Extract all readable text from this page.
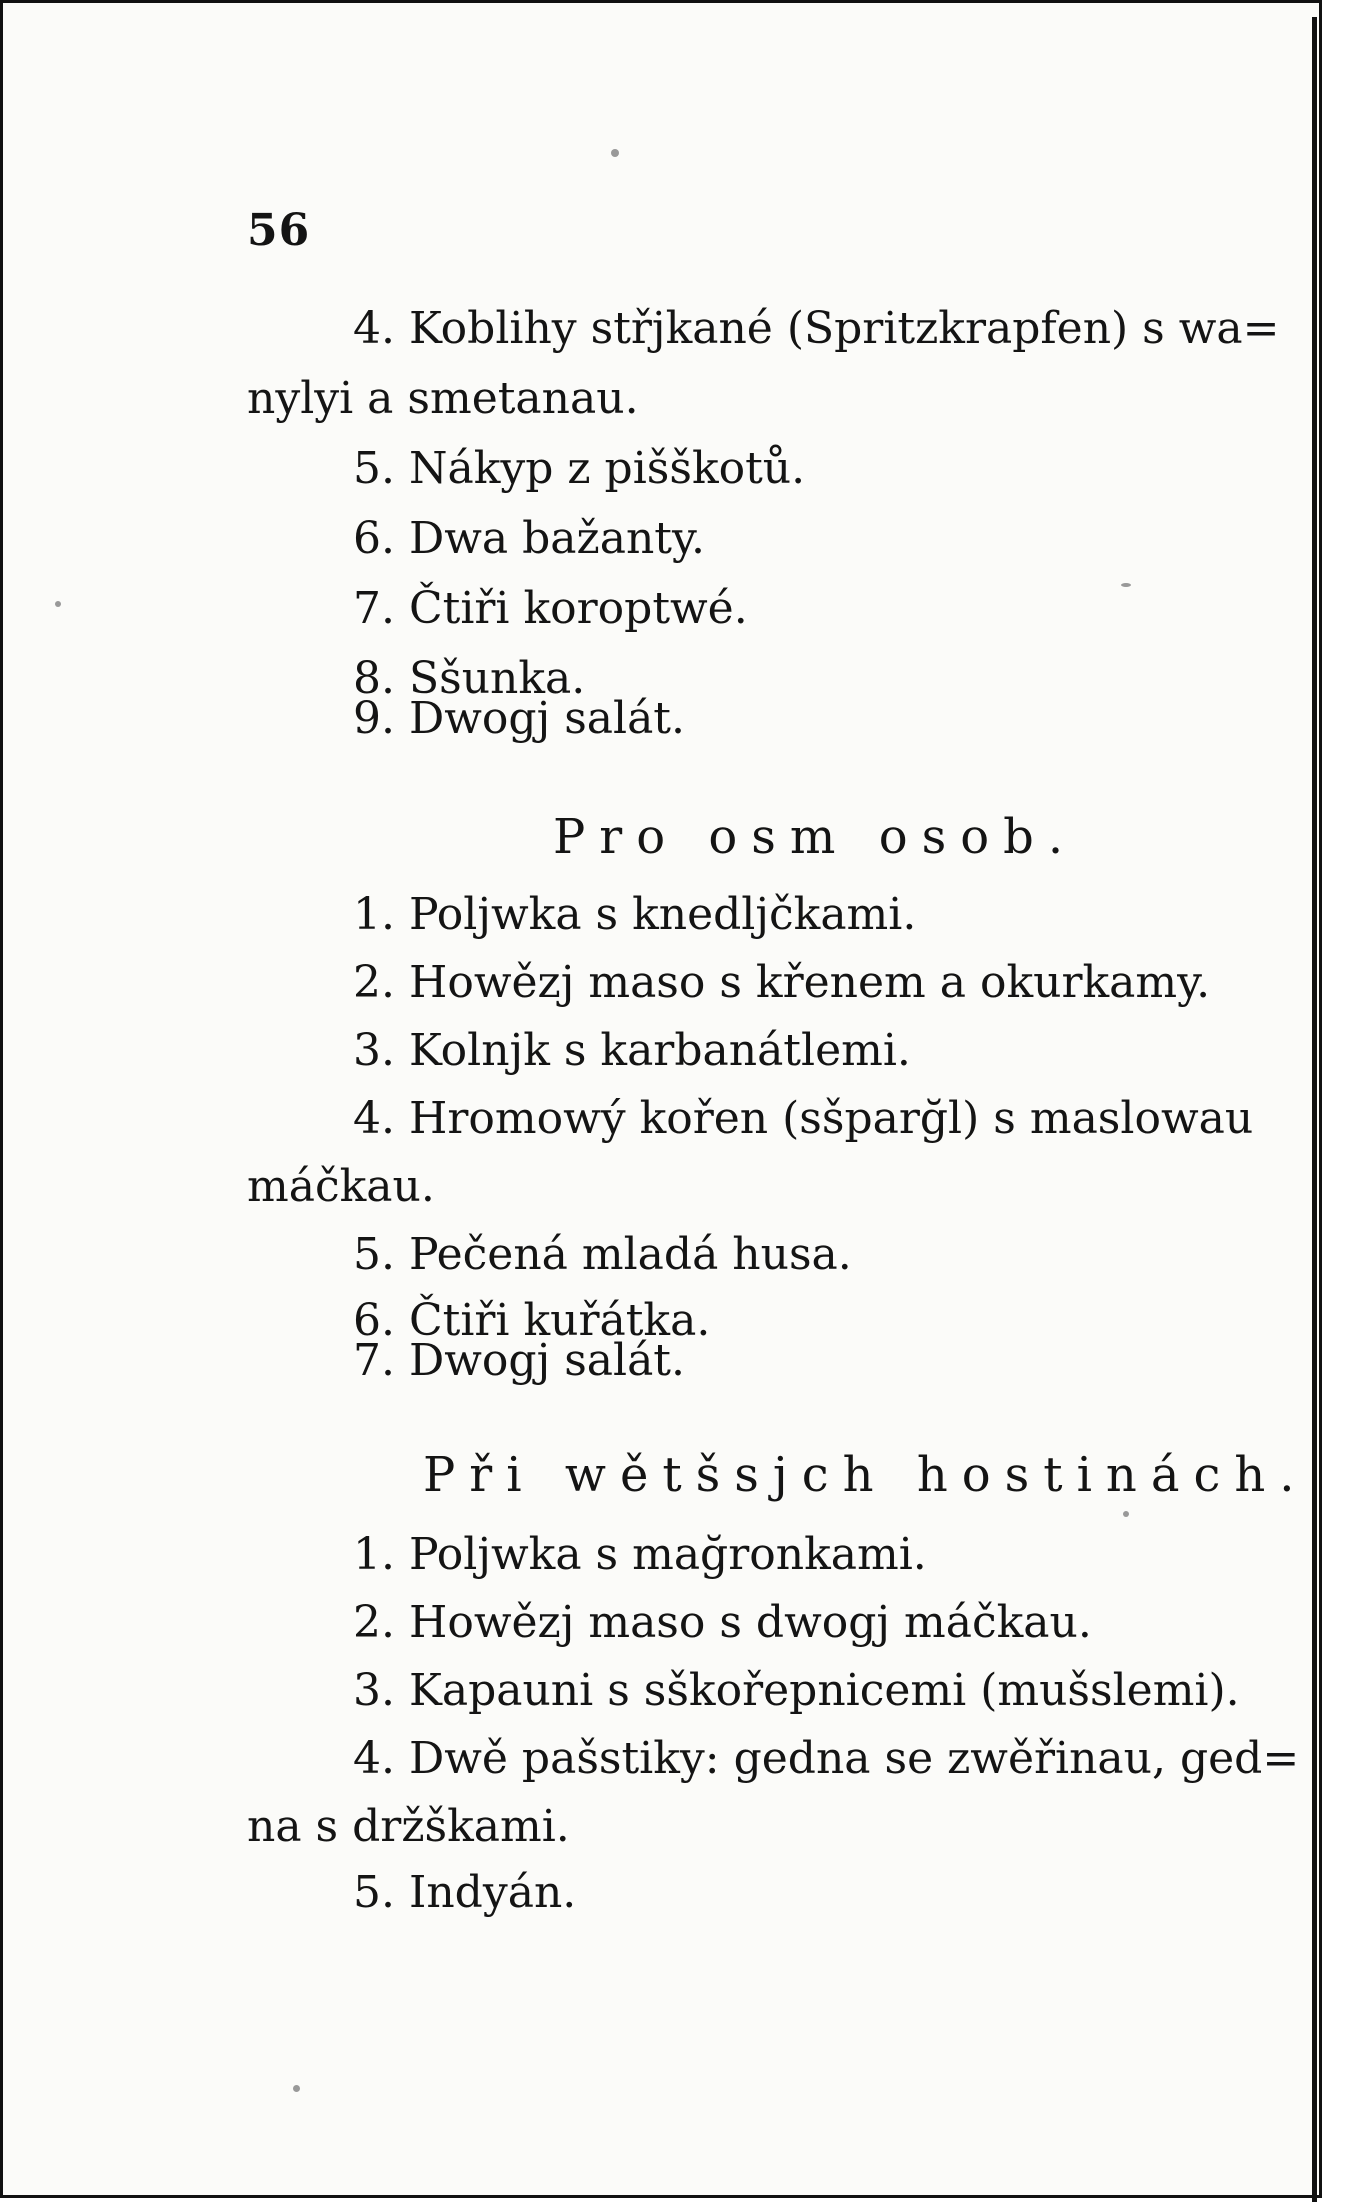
56
4. Koblihy střjkané (Spritzkrapfen) s wa=
nylyi a smetanau.
5. Nákyp z pišškotů.
6. Dwa bažanty.
7. Čtiři koroptwé.
8. Sšunka.
9. Dwogj salát.
Pro osm osob.
1. Poljwka s knedljčkami.
2. Howězj maso s křenem a okurkamy.
3. Kolnjk s karbanátlemi.
4. Hromowý kořen (sšparğl) s maslowau
máčkau.
5. Pečená mladá husa.
6. Čtiři kuřátka.
7. Dwogj salát.
Při wětšsjch hostinách.
1. Poljwka s mağronkami.
2. Howězj maso s dwogj máčkau.
3. Kapauni s sškořepnicemi (mušslemi).
4. Dwě pašstiky: gedna se zwěřinau, ged=
na s držškami.
5. Indyán.
